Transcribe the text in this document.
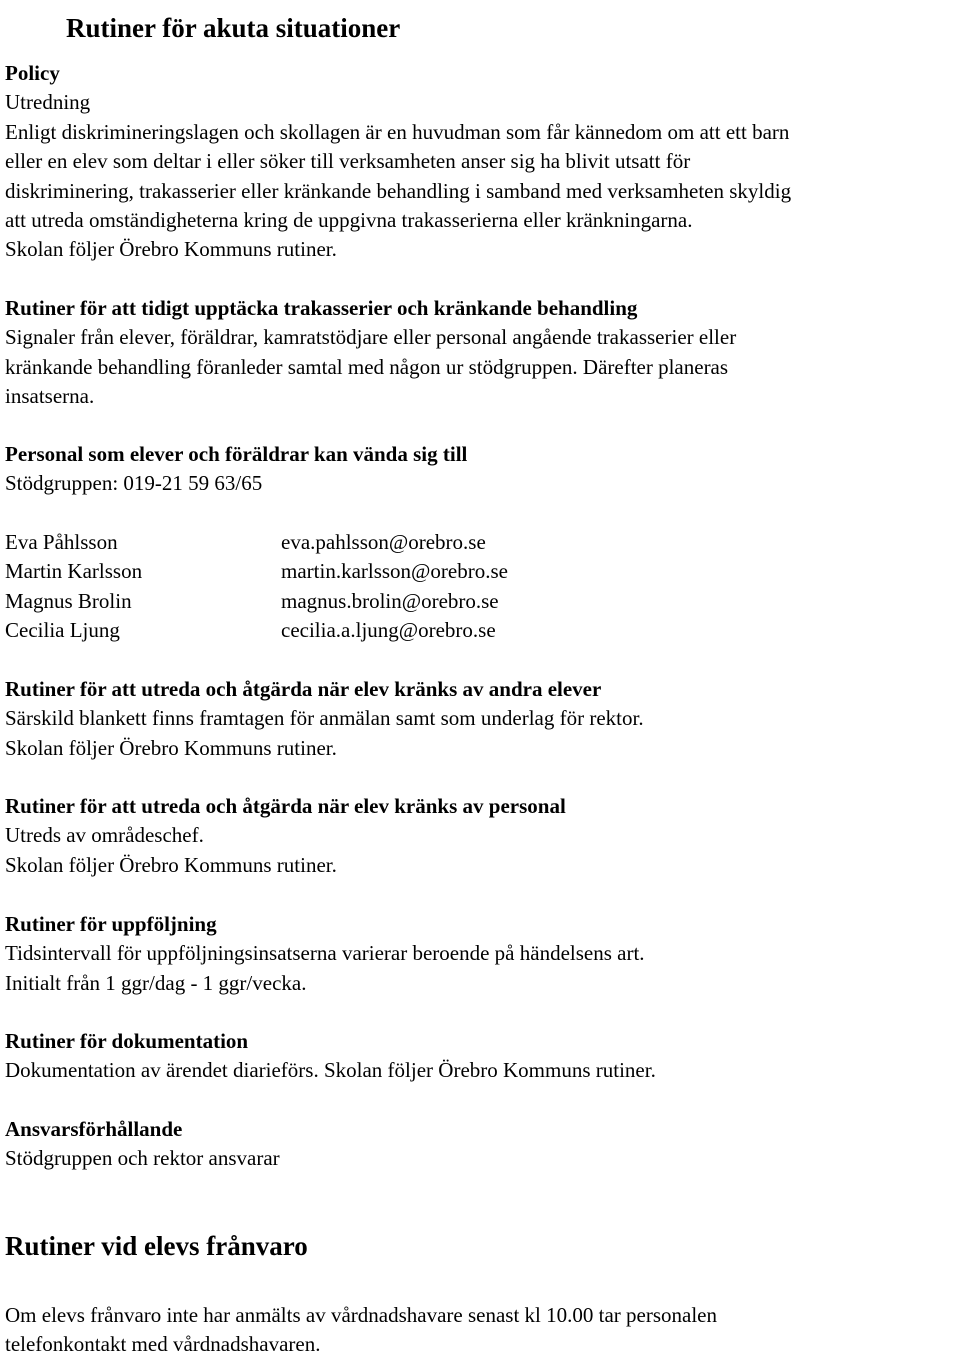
Rutiner för akuta situationer
Policy
Utredning
Enligt diskrimineringslagen och skollagen är en huvudman som får kännedom om att ett barn
eller en elev som deltar i eller söker till verksamheten anser sig ha blivit utsatt för
diskriminering, trakasserier eller kränkande behandling i samband med verksamheten skyldig
att utreda omständigheterna kring de uppgivna trakasserierna eller kränkningarna.
Skolan följer Örebro Kommuns rutiner.
Rutiner för att tidigt upptäcka trakasserier och kränkande behandling
Signaler från elever, föräldrar, kamratstödjare eller personal angående trakasserier eller
kränkande behandling föranleder samtal med någon ur stödgruppen. Därefter planeras
insatserna.
Personal som elever och föräldrar kan vända sig till
Stödgruppen: 019-21 59 63/65
Eva Påhlsson	eva.pahlsson@orebro.se
Martin Karlsson	martin.karlsson@orebro.se
Magnus Brolin	magnus.brolin@orebro.se
Cecilia Ljung	cecilia.a.ljung@orebro.se
Rutiner för att utreda och åtgärda när elev kränks av andra elever
Särskild blankett finns framtagen för anmälan samt som underlag för rektor.
Skolan följer Örebro Kommuns rutiner.
Rutiner för att utreda och åtgärda när elev kränks av personal
Utreds av områdeschef.
Skolan följer Örebro Kommuns rutiner.
Rutiner för uppföljning
Tidsintervall för uppföljningsinsatserna varierar beroende på händelsens art.
Initialt från 1 ggr/dag - 1 ggr/vecka.
Rutiner för dokumentation
Dokumentation av ärendet diarieförs. Skolan följer Örebro Kommuns rutiner.
Ansvarsförhållande
Stödgruppen och rektor ansvarar
Rutiner vid elevs frånvaro
Om elevs frånvaro inte har anmälts av vårdnadshavare senast kl 10.00 tar personalen
telefonkontakt med vårdnadshavaren.
